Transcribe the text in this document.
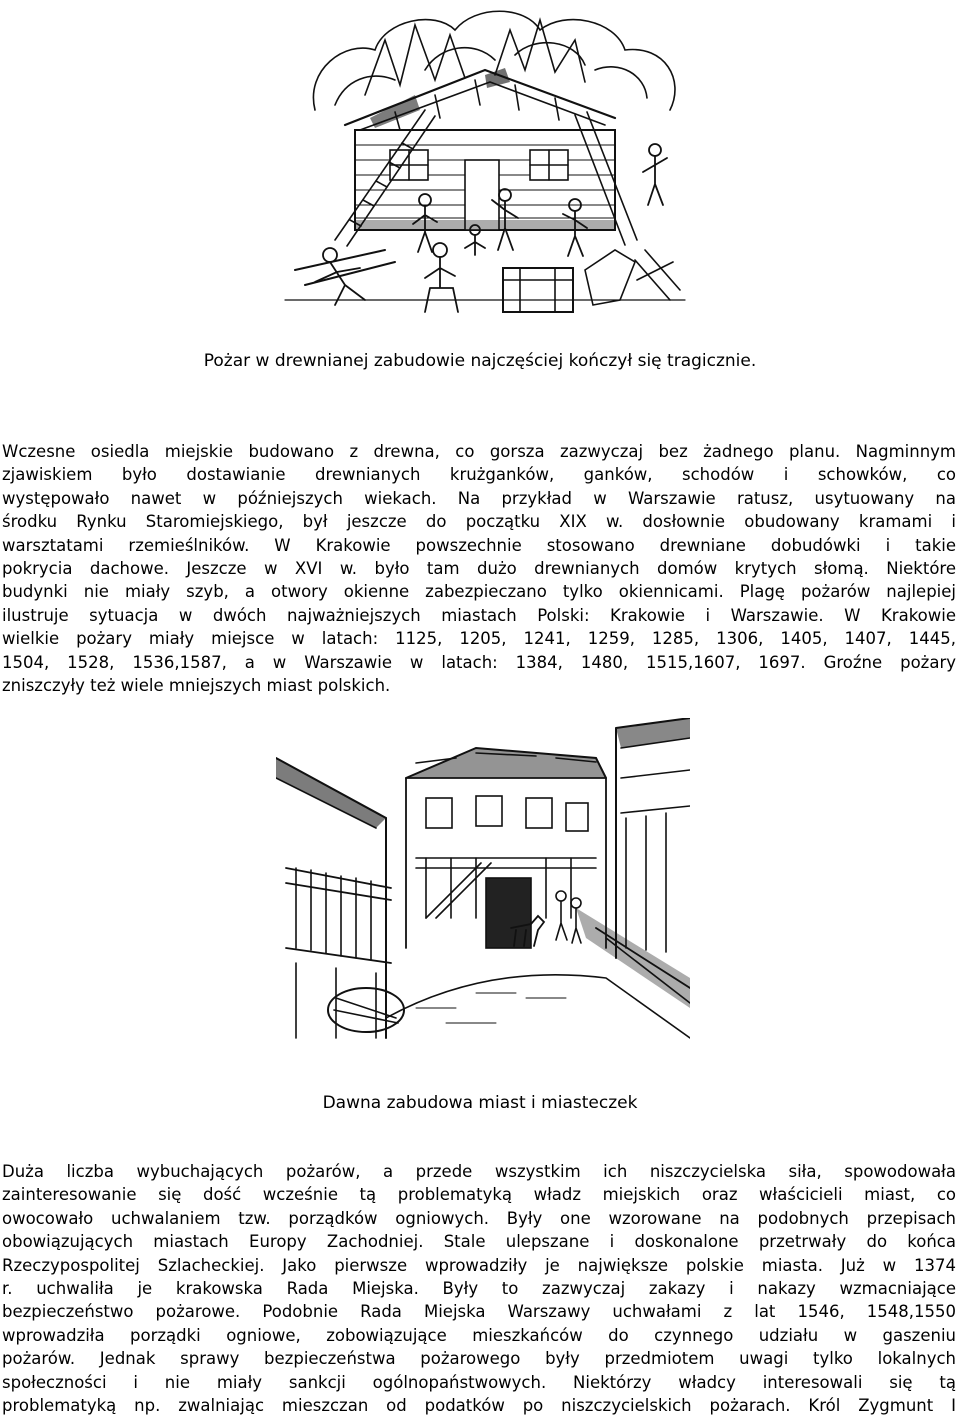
Pożar w drewnianej zabudowie najczęściej kończył się tragicznie.

Wczesne osiedla miejskie budowano z drewna, co gorsza zazwyczaj bez żadnego planu. Nagminnym
zjawiskiem było dostawianie drewnianych krużganków, ganków, schodów i schowków, co
występowało nawet w późniejszych wiekach. Na przykład w Warszawie ratusz, usytuowany na
środku Rynku Staromiejskiego, był jeszcze do początku XIX w. dosłownie obudowany kramami i
warsztatami rzemieślników. W Krakowie powszechnie stosowano drewniane dobudówki i takie
pokrycia dachowe. Jeszcze w XVI w. było tam dużo drewnianych domów krytych słomą. Niektóre
budynki nie miały szyb, a otwory okienne zabezpieczano tylko okiennicami. Plagę pożarów najlepiej
ilustruje sytuacja w dwóch najważniejszych miastach Polski: Krakowie i Warszawie. W Krakowie
wielkie pożary miały miejsce w latach: 1125, 1205, 1241, 1259, 1285, 1306, 1405, 1407, 1445,
1504, 1528, 1536,1587, a w Warszawie w latach: 1384, 1480, 1515,1607, 1697. Groźne pożary
zniszczyły też wiele mniejszych miast polskich.

Dawna zabudowa miast i miasteczek

Duża liczba wybuchających pożarów, a przede wszystkim ich niszczycielska siła, spowodowała
zainteresowanie się dość wcześnie tą problematyką władz miejskich oraz właścicieli miast, co
owocowało uchwalaniem tzw. porządków ogniowych. Były one wzorowane na podobnych przepisach
obowiązujących miastach Europy Zachodniej. Stale ulepszane i doskonalone przetrwały do końca
Rzeczypospolitej Szlacheckiej. Jako pierwsze wprowadziły je największe polskie miasta. Już w 1374
r. uchwaliła je krakowska Rada Miejska. Były to zazwyczaj zakazy i nakazy wzmacniające
bezpieczeństwo pożarowe. Podobnie Rada Miejska Warszawy uchwałami z lat 1546, 1548,1550
wprowadziła porządki ogniowe, zobowiązujące mieszkańców do czynnego udziału w gaszeniu
pożarów. Jednak sprawy bezpieczeństwa pożarowego były przedmiotem uwagi tylko lokalnych
społeczności i nie miały sankcji ogólnopaństwowych. Niektórzy władcy interesowali się tą
problematyką np. zwalniając mieszczan od podatków po niszczycielskich pożarach. Król Zygmunt I
